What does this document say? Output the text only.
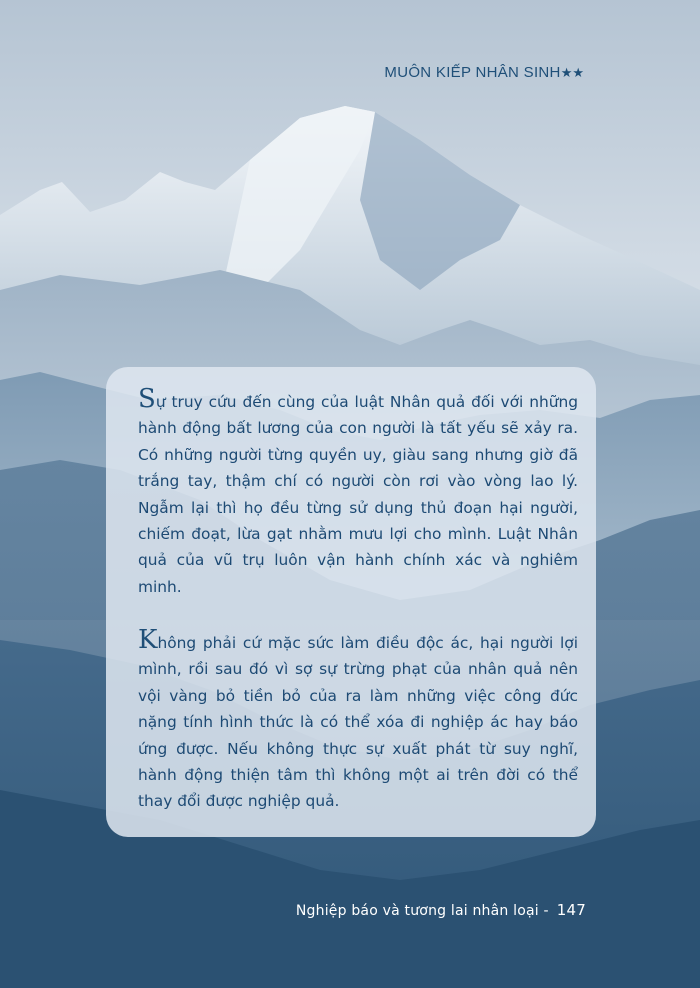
MUÔN KIẾP NHÂN SINH★★

Sự truy cứu đến cùng của luật Nhân quả đối với những hành động bất lương của con người là tất yếu sẽ xảy ra. Có những người từng quyền uy, giàu sang nhưng giờ đã trắng tay, thậm chí có người còn rơi vào vòng lao lý. Ngẫm lại thì họ đều từng sử dụng thủ đoạn hại người, chiếm đoạt, lừa gạt nhằm mưu lợi cho mình. Luật Nhân quả của vũ trụ luôn vận hành chính xác và nghiêm minh.

Không phải cứ mặc sức làm điều độc ác, hại người lợi mình, rồi sau đó vì sợ sự trừng phạt của nhân quả nên vội vàng bỏ tiền bỏ của ra làm những việc công đức nặng tính hình thức là có thể xóa đi nghiệp ác hay báo ứng được. Nếu không thực sự xuất phát từ suy nghĩ, hành động thiện tâm thì không một ai trên đời có thể thay đổi được nghiệp quả.

Nghiệp báo và tương lai nhân loại - 147
